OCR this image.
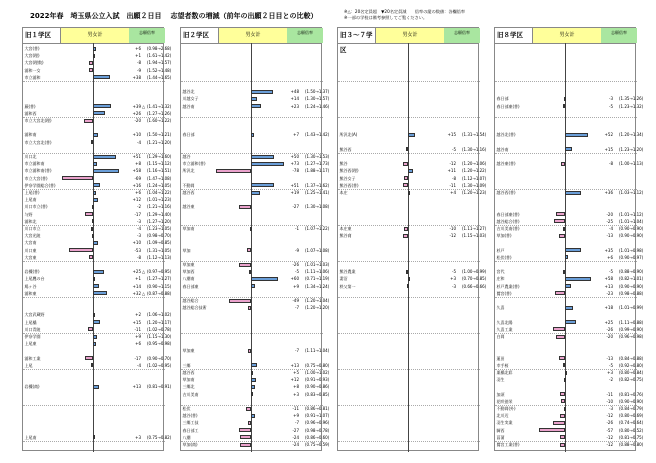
2022年春　埼玉県公立入試　出願２日目 志望者数の増減（前年の出願２日目との比較）
※△：20名定員超　▼20名定員減　　倍率の縦の数値：各欄倍率
※一部の学校は備考参照してご覧ください。
旧１学区	男女計	志願倍率
大宮(普)	+6 (0.98→2.68)
大宮(理)	+1 (1.61→1.42)
大宮(理数)	-8 (1.94→1.57)
浦和一女	-9 (1.52→1.48)
市立浦和	+38 (1.44→1.65)
蕨(普)	+39 △ (1.41→1.32)
浦和西	+26 (1.27→1.26)
市立大宮北(理)	-20 (1.60→1.22)
浦和南	+10 (1.50→1.21)
市立大宮北(普)	-4 (1.21→1.20)
川口北	+51 (1.29→1.60)
市立浦和南	+8 (1.15→1.12)
市立浦和南(普)	+58 (1.16→1.51)
市立大宮(普)	-69 (1.47→1.08)
伊奈学園総合(普)	+16 (1.24→1.05)
上尾(普)	+6 (1.04→1.22)
上尾南	+12 (1.01→1.23)
川口市立(普)	-2 (1.21→1.16)
与野	-17 (1.29→1.40)
浦和北	-3 (1.27→1.20)
川口市立	-4 (1.23→1.05)
大宮光陵	-3 (0.98→0.70)
大宮南	+10 (1.09→0.85)
川口東	-53 (1.31→1.05)
大宮東	-8 (1.12→1.13)
岩槻(普)	+25 △ (0.97→0.95)
上尾鷹の台	+1 (1.27→1.27)
鳩ヶ谷	+14 (0.90→1.15)
浦和東	+32 △ (0.87→0.88)
大宮武蔵野	+2 (1.06→1.02)
上尾橘	+15 (1.20→1.17)
川口青陵	-11 (1.02→0.78)
伊奈学園	+9 (1.15→1.30)
上尾東	+6 (0.95→0.98)
浦和工業	-17 (0.90→0.70)
上尾	-4 (1.02→0.95)
岩槻(商)	+13 (0.81→0.91)
上尾南	+3 (0.75→0.82)
旧２学区	男女計	志願倍率
越谷北	+48 (1.50→1.37)
川越女子	+14 (1.30→1.57)
越谷南	+23 (1.24→1.46)
春日部	+7 (1.43→1.42)
越谷	+50 (1.30→1.53)
市立浦和(普)	+73 (1.27→1.73)
所沢北	-78 (1.88→1.17)
不動岡	+51 (1.37→1.62)
越谷西	+19 (1.25→1.41)
越谷東	-27 (1.30→1.08)
草加南	-1 (1.07→1.22)
草加	-9 (1.07→1.08)
草加東	-26 (1.01→1.03)
草加西	-5 (1.11→1.06)
八潮南	+60 (0.71→1.19)
春日部東	+9 (1.34→1.24)
越谷総合	-49 (1.20→1.04)
越谷総合技術	-7 (1.20→1.20)
草加東	-7 (1.11→1.04)
三郷	+13 (0.75→0.80)
越谷西	+5 (1.00→1.02)
草加南	+12 (0.91→0.93)
三郷北	+8 (0.90→0.86)
吉川美南	+3 (0.83→0.85)
松伏	-11 (0.86→0.81)
越谷(普)	+9 (0.91→1.07)
三郷工技	-7 (0.96→0.96)
春日部工	-27 (0.98→0.78)
八潮	-24 (0.86→0.60)
草加(商)	-24 (0.75→0.59)
旧３～７学区
男女計	志願倍率
所沢北(A)	+15 (1.31→1.54)
熊谷西	-5 (1.30→1.16)
熊谷	-12 (1.20→1.06)
熊谷西(理)	+11 (1.20→1.22)
熊谷女子	-8 (1.12→1.07)
熊谷西(普)	-11 (1.30→1.09)
本庄	+4 (1.20→1.23)
本庄東	-10 (1.11→1.27)
熊谷商	-12 (1.15→1.03)
熊谷農業	-5 (1.00→0.99)
妻沼	+3 (0.70→0.85)
秩父第一	-3 (0.66→0.66)
旧８学区	男女計	志願倍率
春日部	-3 (1.35→1.26)
春日部東(普)	-5 (1.23→1.32)
越谷北(普)	+52 (1.20→1.34)
越谷南	+15 (1.23→1.20)
越谷東(普)	-8 (1.00→1.13)
越谷西(普)	+36 (1.03→1.12)
春日部東(普)	-20 (1.01→1.12)
越谷総合(普)	-25 (1.01→1.04)
吉川美南(普)	-4 (0.90→0.90)
草加(普)	-13 (0.90→0.90)
杉戸	+35 (1.01→0.98)
松伏(普)	+6 (0.90→0.97)
宮代	-5 (0.88→0.90)
庄和	+58 (0.82→1.01)
杉戸農業(普)	+13 (0.90→0.90)
鷲宮(普)	-23 (0.98→0.88)
久喜	+18 (1.01→0.99)
久喜北陽	+25 (1.11→0.88)
久喜工業	-26 (0.99→0.90)
白岡	-20 (0.96→0.98)
蓮田	-13 (0.84→0.88)
幸手桜	-5 (0.92→0.80)
栗橋北彩	+3 (0.80→0.84)
羽生	-2 (0.82→0.75)
加須	-11 (0.81→0.76)
花咲徳栄	-10 (0.90→0.90)
不動岡(外)	-3 (0.84→0.79)
北川辺	-12 (0.80→0.69)
羽生実業	-26 (0.74→0.64)
騎西	-57 (0.80→0.52)
菖蒲	-12 (0.81→0.75)
鷲宮工業(普)	-12 (0.88→0.80)
